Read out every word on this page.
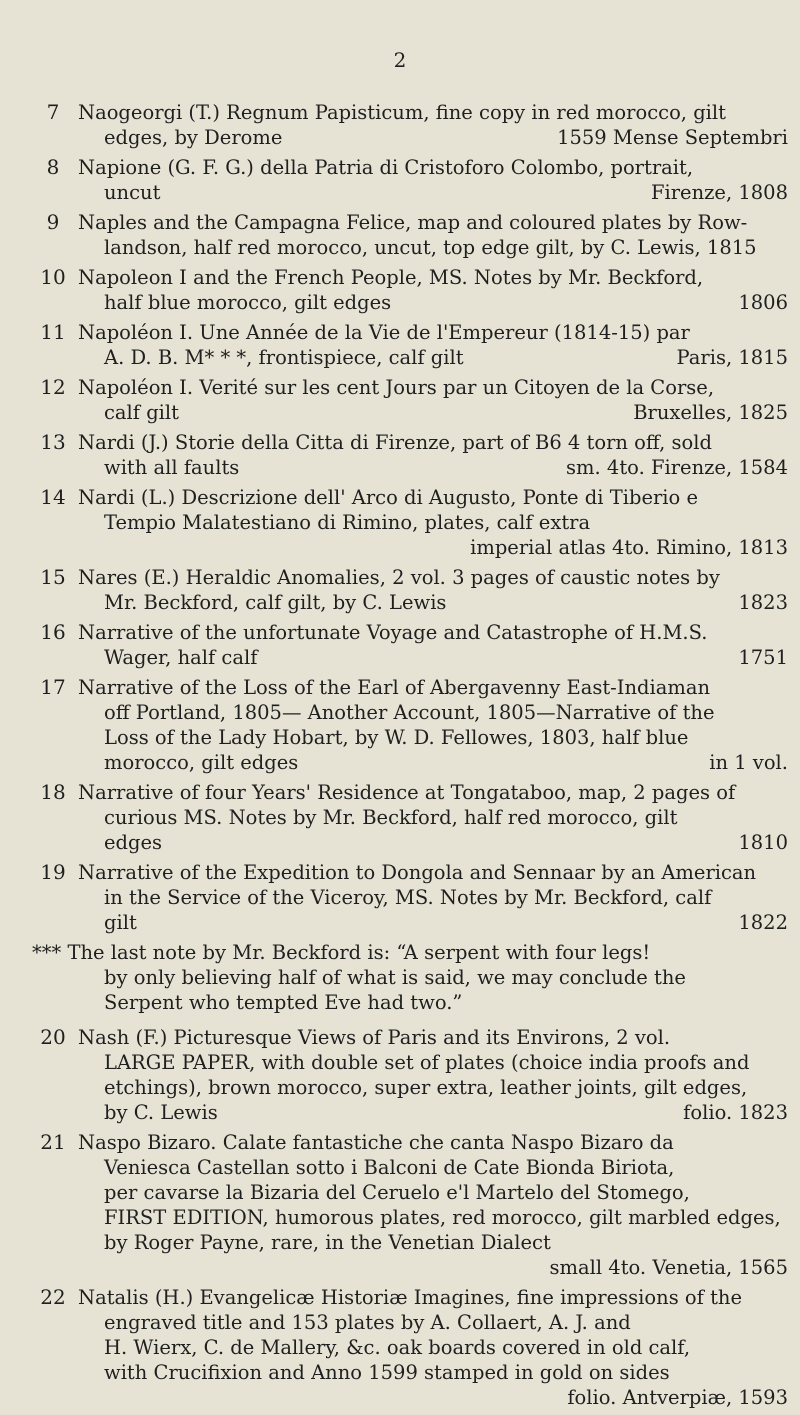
2
7 Naogeorgi (T.) Regnum Papisticum, fine copy in red morocco, gilt
edges, by Derome	1559 Mense Septembri
8 Napione (G. F. G.) della Patria di Cristoforo Colombo, portrait,
uncut	Firenze, 1808
9 Naples and the Campagna Felice, map and coloured plates by Row-
landson, half red morocco, uncut, top edge gilt, by C. Lewis, 1815
10 Napoleon I and the French People, MS. Notes by Mr. Beckford,
half blue morocco, gilt edges	1806
11 Napoléon I. Une Année de la Vie de l'Empereur (1814-15) par
A. D. B. M* * *, frontispiece, calf gilt	Paris, 1815
12 Napoléon I. Verité sur les cent Jours par un Citoyen de la Corse,
calf gilt	Bruxelles, 1825
13 Nardi (J.) Storie della Citta di Firenze, part of B6 4 torn off, sold
with all faults	sm. 4to. Firenze, 1584
14 Nardi (L.) Descrizione dell' Arco di Augusto, Ponte di Tiberio e
Tempio Malatestiano di Rimino, plates, calf extra
imperial atlas 4to. Rimino, 1813
15 Nares (E.) Heraldic Anomalies, 2 vol. 3 pages of caustic notes by
Mr. Beckford, calf gilt, by C. Lewis	1823
16 Narrative of the unfortunate Voyage and Catastrophe of H.M.S.
Wager, half calf	1751
17 Narrative of the Loss of the Earl of Abergavenny East-Indiaman
off Portland, 1805— Another Account, 1805—Narrative of the
Loss of the Lady Hobart, by W. D. Fellowes, 1803, half blue
morocco, gilt edges	in 1 vol.
18 Narrative of four Years' Residence at Tongataboo, map, 2 pages of
curious MS. Notes by Mr. Beckford, half red morocco, gilt
edges	1810
19 Narrative of the Expedition to Dongola and Sennaar by an American
in the Service of the Viceroy, MS. Notes by Mr. Beckford, calf
gilt	1822
*** The last note by Mr. Beckford is: “A serpent with four legs!
by only believing half of what is said, we may conclude the
Serpent who tempted Eve had two.”
20 Nash (F.) Picturesque Views of Paris and its Environs, 2 vol.
LARGE PAPER, with double set of plates (choice india proofs and
etchings), brown morocco, super extra, leather joints, gilt edges,
by C. Lewis	folio. 1823
21 Naspo Bizaro. Calate fantastiche che canta Naspo Bizaro da
Veniesca Castellan sotto i Balconi de Cate Bionda Biriota,
per cavarse la Bizaria del Ceruelo e'l Martelo del Stomego,
FIRST EDITION, humorous plates, red morocco, gilt marbled edges,
by Roger Payne, rare, in the Venetian Dialect
small 4to. Venetia, 1565
22 Natalis (H.) Evangelicæ Historiæ Imagines, fine impressions of the
engraved title and 153 plates by A. Collaert, A. J. and
H. Wierx, C. de Mallery, &c. oak boards covered in old calf,
with Crucifixion and Anno 1599 stamped in gold on sides
folio. Antverpiæ, 1593
